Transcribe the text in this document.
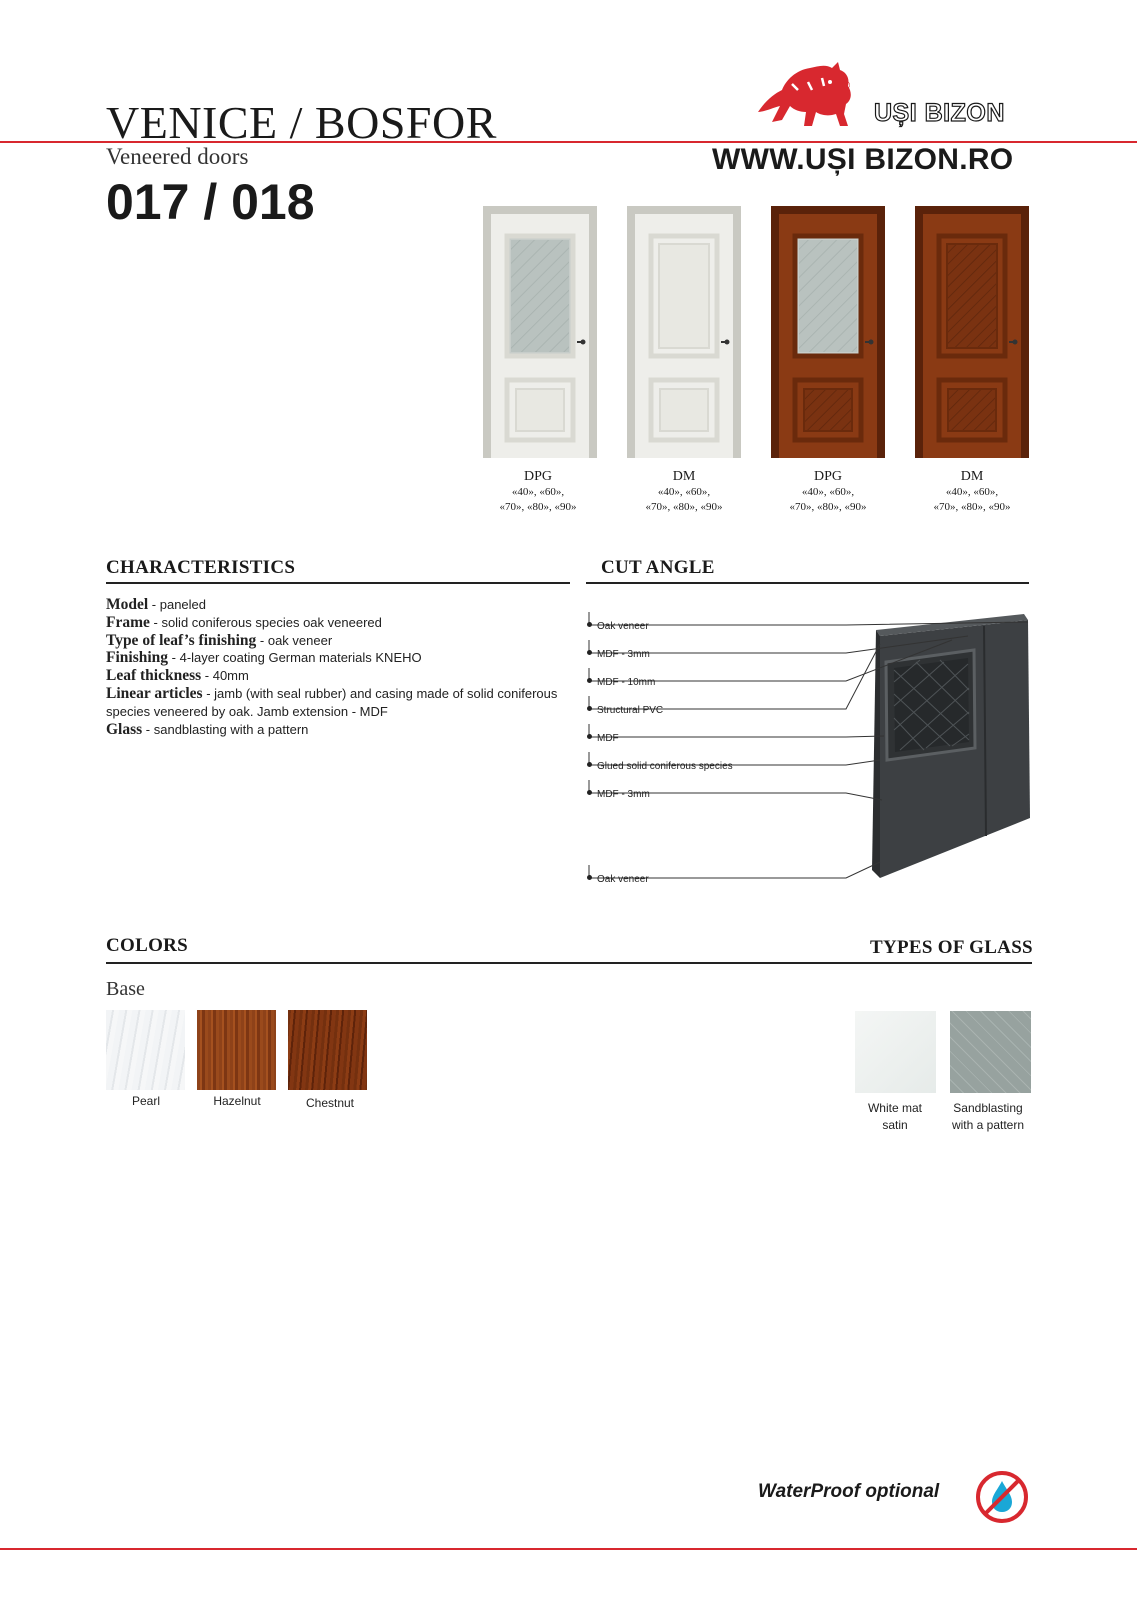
VENICE / BOSFOR
Veneered doors
017 / 018
®
UȘI BIZON
WWW.UȘI BIZON.RO
DPG
«40», «60»,
«70», «80», «90»
DM
«40», «60»,
«70», «80», «90»
DPG
«40», «60»,
«70», «80», «90»
DM
«40», «60»,
«70», «80», «90»
CHARACTERISTICS
Model - paneled
Frame - solid coniferous species oak veneered
Type of leaf’s finishing - oak veneer
Finishing - 4-layer coating German materials KNEHO
Leaf thickness - 40mm
Linear articles - jamb (with seal rubber) and casing made of solid coniferous species veneered by oak. Jamb extension - MDF
Glass - sandblasting with a pattern
CUT ANGLE
Oak veneer
MDF - 3mm
MDF - 10mm
Structural PVC
MDF
Glued solid coniferous species
MDF - 3mm
Oak veneer
COLORS	TYPES OF GLASS
Base
Pearl	Hazelnut	Chestnut	White mat
satin
Sandblasting
with a pattern
WaterProof optional
